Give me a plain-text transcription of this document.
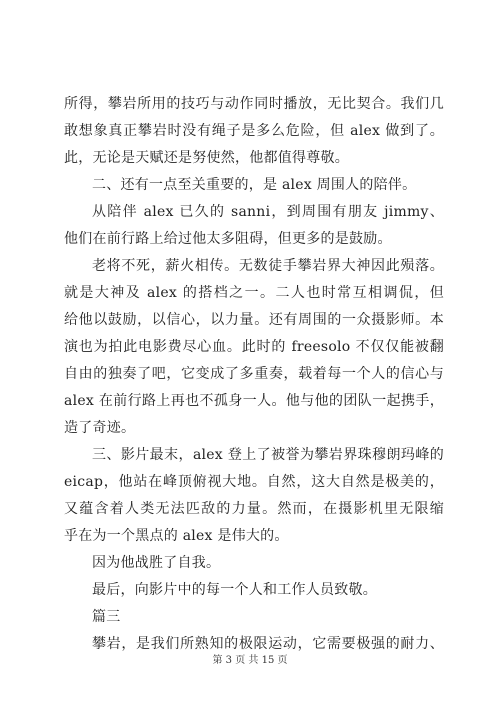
所得，攀岩所用的技巧与动作同时播放，无比契合。我们几
敢想象真正攀岩时没有绳子是多么危险，但 alex 做到了。
此，无论是天赋还是努使然，他都值得尊敬。
二、还有一点至关重要的，是 alex 周围人的陪伴。
从陪伴 alex 已久的 sanni，到周围有朋友 jimmy、
他们在前行路上给过他太多阻碍，但更多的是鼓励。
老将不死，薪火相传。无数徒手攀岩界大神因此殒落。
就是大神及 alex 的搭档之一。二人也时常互相调侃，但
给他以鼓励，以信心，以力量。还有周围的一众摄影师。本
演也为拍此电影费尽心血。此时的 freesolo 不仅仅能被翻
自由的独奏了吧，它变成了多重奏，载着每一个人的信心与
alex 在前行路上再也不孤身一人。他与他的团队一起携手，
造了奇迹。
三、影片最末，alex 登上了被誉为攀岩界珠穆朗玛峰的
eicap，他站在峰顶俯视大地。自然，这大自然是极美的，
又蕴含着人类无法匹敌的力量。然而，在摄影机里无限缩
乎在为一个黑点的 alex 是伟大的。
因为他战胜了自我。
最后，向影片中的每一个人和工作人员致敬。
篇三
攀岩，是我们所熟知的极限运动，它需要极强的耐力、
第 3 页 共 15 页
